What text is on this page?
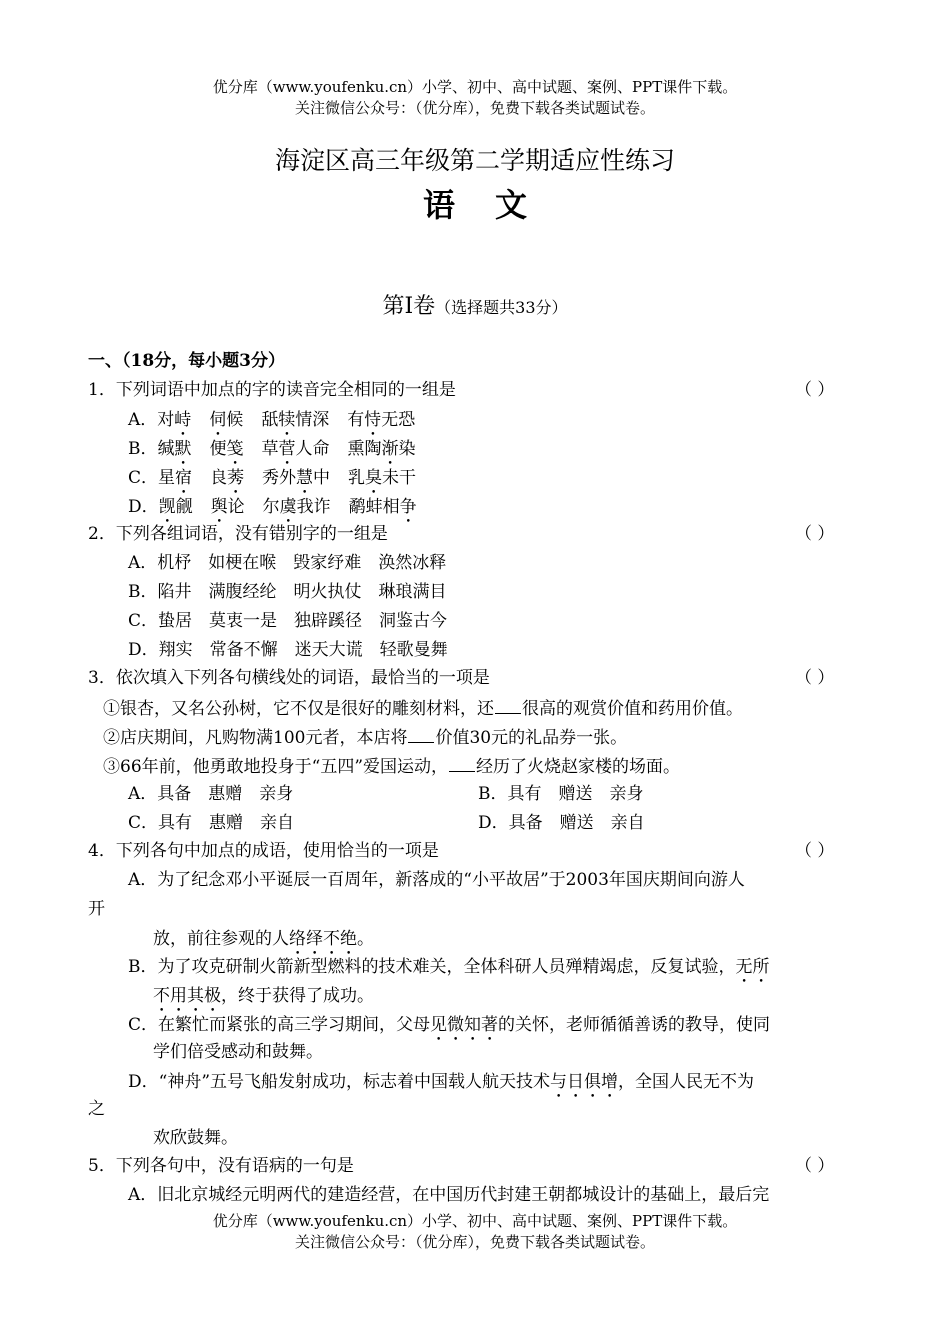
优分库（www.youfenku.cn）小学、初中、高中试题、案例、PPT课件下载。
关注微信公众号：（优分库），免费下载各类试题试卷。
海淀区高三年级第二学期适应性练习
语文
第Ⅰ卷（选择题共33分）
一、（18分，每小题3分）
1．下列词语中加点的字的读音完全相同的一组是	（ ）
A．对峙 伺候 舐犊情深 有恃无恐
B．缄默 便笺 草菅人命 熏陶渐染
C．星宿 良莠 秀外慧中 乳臭未干
D．觊觎 舆论 尔虞我诈 鹬蚌相争
2．下列各组词语，没有错别字的一组是	（ ）
A．机杼　如梗在喉　毁家纾难　涣然冰释
B．陷井　满腹经纶　明火执仗　琳琅满目
C．蛰居　莫衷一是　独辟蹊径　洞鉴古今
D．翔实　常备不懈　迷天大谎　轻歌曼舞
3．依次填入下列各句横线处的词语，最恰当的一项是	（ ）
①银杏，又名公孙树，它不仅是很好的雕刻材料，还 很高的观赏价值和药用价值。
②店庆期间，凡购物满100元者，本店将 价值30元的礼品券一张。
③66年前，他勇敢地投身于“五四”爱国运动， 经历了火烧赵家楼的场面。
A．具备　惠赠　亲身	B．具有　赠送　亲身
C．具有　惠赠　亲自	D．具备　赠送　亲自
4．下列各句中加点的成语，使用恰当的一项是	（ ）
A．为了纪念邓小平诞辰一百周年，新落成的“小平故居”于2003年国庆期间向游人
开
放，前往参观的人络绎不绝。
B．为了攻克研制火箭新型燃料的技术难关，全体科研人员殚精竭虑，反复试验，无所
不用其极，终于获得了成功。
C．在繁忙而紧张的高三学习期间，父母见微知著的关怀，老师循循善诱的教导，使同
学们倍受感动和鼓舞。
D．“神舟”五号飞船发射成功，标志着中国载人航天技术与日俱增，全国人民无不为
之
欢欣鼓舞。
5．下列各句中，没有语病的一句是	（ ）
A．旧北京城经元明两代的建造经营，在中国历代封建王朝都城设计的基础上，最后完
优分库（www.youfenku.cn）小学、初中、高中试题、案例、PPT课件下载。
关注微信公众号：（优分库），免费下载各类试题试卷。
